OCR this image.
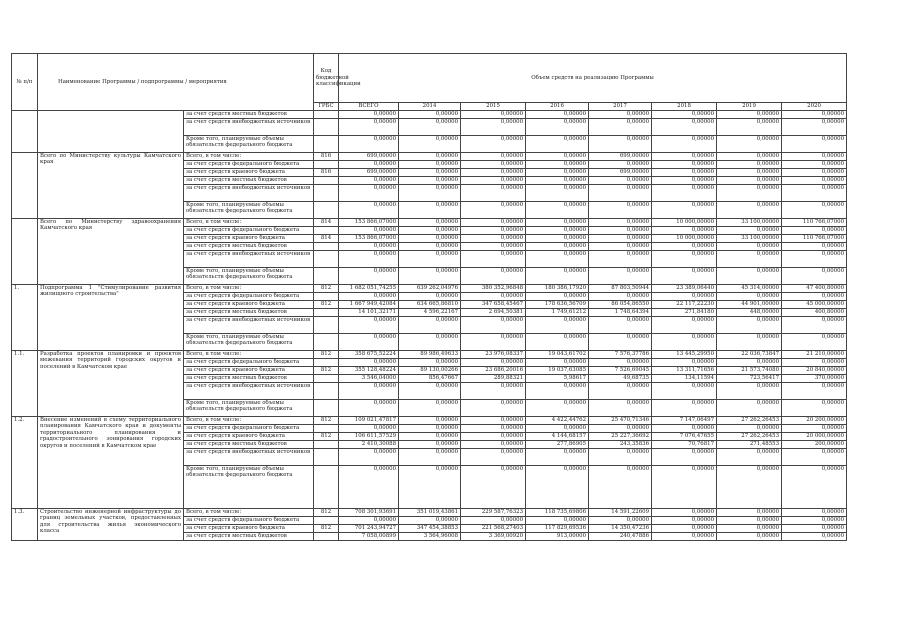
№ п/п	Наименование Программы / подпрограммы / мероприятия		Код бюджетной классификации	Объем средств на реализацию Программы							
			ГРБС	ВСЕГО	2014	2015	2016	2017	2018	2019	2020
		за счет средств местных бюджетов		0,00000	0,00000	0,00000	0,00000	0,00000	0,00000	0,00000	0,00000
		за счет средств внебюджетных источников		0,00000	0,00000	0,00000	0,00000	0,00000	0,00000	0,00000	0,00000
		Кроме того, планируемые объемы обязательств федерального бюджета		0,00000	0,00000	0,00000	0,00000	0,00000	0,00000	0,00000	0,00000
	Всего по Министерству культуры Камчатского края	Всего, в том числе:	816	699,00000	0,00000	0,00000	0,00000	699,00000	0,00000	0,00000	0,00000
		за счет средств федерального бюджета		0,00000	0,00000	0,00000	0,00000	0,00000	0,00000	0,00000	0,00000
		за счет средств краевого бюджета	816	699,00000	0,00000	0,00000	0,00000	699,00000	0,00000	0,00000	0,00000
		за счет средств местных бюджетов		0,00000	0,00000	0,00000	0,00000	0,00000	0,00000	0,00000	0,00000
		за счет средств внебюджетных источников		0,00000	0,00000	0,00000	0,00000	0,00000	0,00000	0,00000	0,00000
		Кроме того, планируемые объемы обязательств федерального бюджета		0,00000	0,00000	0,00000	0,00000	0,00000	0,00000	0,00000	0,00000
	Всего по Министерству здравоохранения Камчатского края	Всего, в том числе:	814	153 866,07000	0,00000	0,00000	0,00000	0,00000	10 000,00000	33 100,00000	110 766,07000
		за счет средств федерального бюджета		0,00000	0,00000	0,00000	0,00000	0,00000	0,00000	0,00000	0,00000
		за счет средств краевого бюджета	814	153 866,07000	0,00000	0,00000	0,00000	0,00000	10 000,00000	33 100,00000	110 766,07000
		за счет средств местных бюджетов		0,00000	0,00000	0,00000	0,00000	0,00000	0,00000	0,00000	0,00000
		за счет средств внебюджетных источников		0,00000	0,00000	0,00000	0,00000	0,00000	0,00000	0,00000	0,00000
		Кроме того, планируемые объемы обязательств федерального бюджета		0,00000	0,00000	0,00000	0,00000	0,00000	0,00000	0,00000	0,00000
1.	Подпрограмма 1 "Стимулирование развития жилищного строительства"	Всего, в том числе:	812	1 682 051,74255	639 262,04976	380 352,96848	180 386,17920	87 803,50944	23 389,06440	45 314,00000	47 400,80000
		за счет средств федерального бюджета		0,00000	0,00000	0,00000	0,00000	0,00000	0,00000	0,00000	0,00000
		за счет средств краевого бюджета	812	1 667 949,42084	634 665,86810	347 658,45467	178 636,56709	86 054,86550	22 117,22230	44 901,00000	45 000,00000
		за счет средств местных бюджетов		14 101,32171	4 596,22167	2 694,50381	1 749,61212	1 748,64394	271,84180	448,00000	400,80000
		за счет средств внебюджетных источников		0,00000	0,00000	0,00000	0,00000	0,00000	0,00000	0,00000	0,00000
		Кроме того, планируемые объемы обязательств федерального бюджета		0,00000	0,00000	0,00000	0,00000	0,00000	0,00000	0,00000	0,00000
1.1.	Разработка проектов планировки и проектов межевания территорий городских округов и поселений в Камчатском крае	Всего, в том числе:	812	358 675,52224	89 986,49633	23 976,08337	19 043,61702	7 576,37786	13 445,29950	22 036,73847	21 210,00000
		за счет средств федерального бюджета		0,00000	0,00000	0,00000	0,00000	0,00000	0,00000	0,00000	0,00000
		за счет средств краевого бюджета	812	355 128,48224	89 130,00266	23 686,20016	19 037,63085	7 526,69045	13 311,71656	21 573,74080	20 840,00000
		за счет средств местных бюджетов		3 546,04000	856,47667	289,88321	5,98617	49,68735	134,11594	723,56417	370,00000
		за счет средств внебюджетных источников		0,00000	0,00000	0,00000	0,00000	0,00000	0,00000	0,00000	0,00000
		Кроме того, планируемые объемы обязательств федерального бюджета		0,00000	0,00000	0,00000	0,00000	0,00000	0,00000	0,00000	0,00000
1.2.	Внесение изменений в схему территориального планирования Камчатского края и документы территориального планирования и градостроительного зонирования городских округов и поселений в Камчатском крае	Всего, в том числе:	812	109 021,47817	0,00000	0,00000	4 422,44762	25 470,71346	7 147,06497	27 262,26453	20 200,00000
		за счет средств федерального бюджета		0,00000	0,00000	0,00000	0,00000	0,00000	0,00000	0,00000	0,00000
		за счет средств краевого бюджета	812	106 611,57529	0,00000	0,00000	4 144,68157	25 227,36692	7 076,47655	27 262,26453	20 000,00000
		за счет средств местных бюджетов		2 410,30088	0,00000	0,00000	277,86905	243,35836	70,76817	271,48553	200,00000
		за счет средств внебюджетных источников		0,00000	0,00000	0,00000	0,00000	0,00000	0,00000	0,00000	0,00000
		Кроме того, планируемые объемы обязательств федерального бюджета		0,00000	0,00000	0,00000	0,00000	0,00000	0,00000	0,00000	0,00000
1.3.	Строительство инженерной инфраструктуры до границ земельных участков, предоставленных для строительства жилья экономического класса	Всего, в том числе:	812	708 301,93691	351 019,43861	229 587,76323	118 735,69806	14 591,22609	0,00000	0,00000	0,00000
		за счет средств федерального бюджета		0,00000	0,00000	0,00000	0,00000	0,00000	0,00000	0,00000	0,00000
		за счет средств краевого бюджета	812	701 243,94727	347 454,38853	221 568,27403	117 829,69536	14 350,47236	0,00000	0,00000	0,00000
		за счет средств местных бюджетов		7 058,00899	3 564,96008	3 369,00920	913,00000	240,47886	0,00000	0,00000	0,00000
